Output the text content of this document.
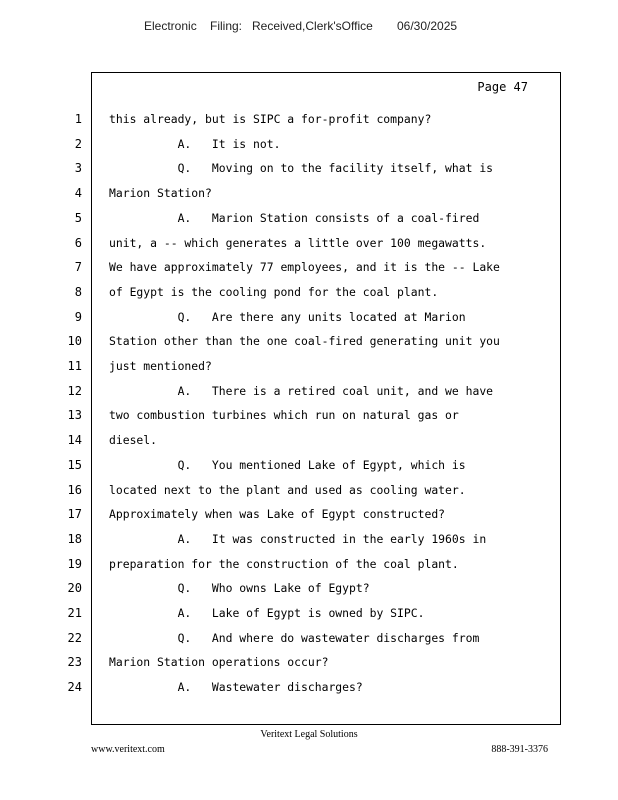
Electronic Filing: Received,Clerk'sOffice 06/30/2025
Page 47
1 this already, but is SIPC a for-profit company?
2 A.   It is not.
3 Q.   Moving on to the facility itself, what is
4 Marion Station?
5 A.   Marion Station consists of a coal-fired
6 unit, a -- which generates a little over 100 megawatts.
7 We have approximately 77 employees, and it is the -- Lake
8 of Egypt is the cooling pond for the coal plant.
9 Q.   Are there any units located at Marion
10 Station other than the one coal-fired generating unit you
11 just mentioned?
12 A.   There is a retired coal unit, and we have
13 two combustion turbines which run on natural gas or
14 diesel.
15 Q.   You mentioned Lake of Egypt, which is
16 located next to the plant and used as cooling water.
17 Approximately when was Lake of Egypt constructed?
18 A.   It was constructed in the early 1960s in
19 preparation for the construction of the coal plant.
20 Q.   Who owns Lake of Egypt?
21 A.   Lake of Egypt is owned by SIPC.
22 Q.   And where do wastewater discharges from
23 Marion Station operations occur?
24 A.   Wastewater discharges?
Veritext Legal Solutions
www.veritext.com	888-391-3376
